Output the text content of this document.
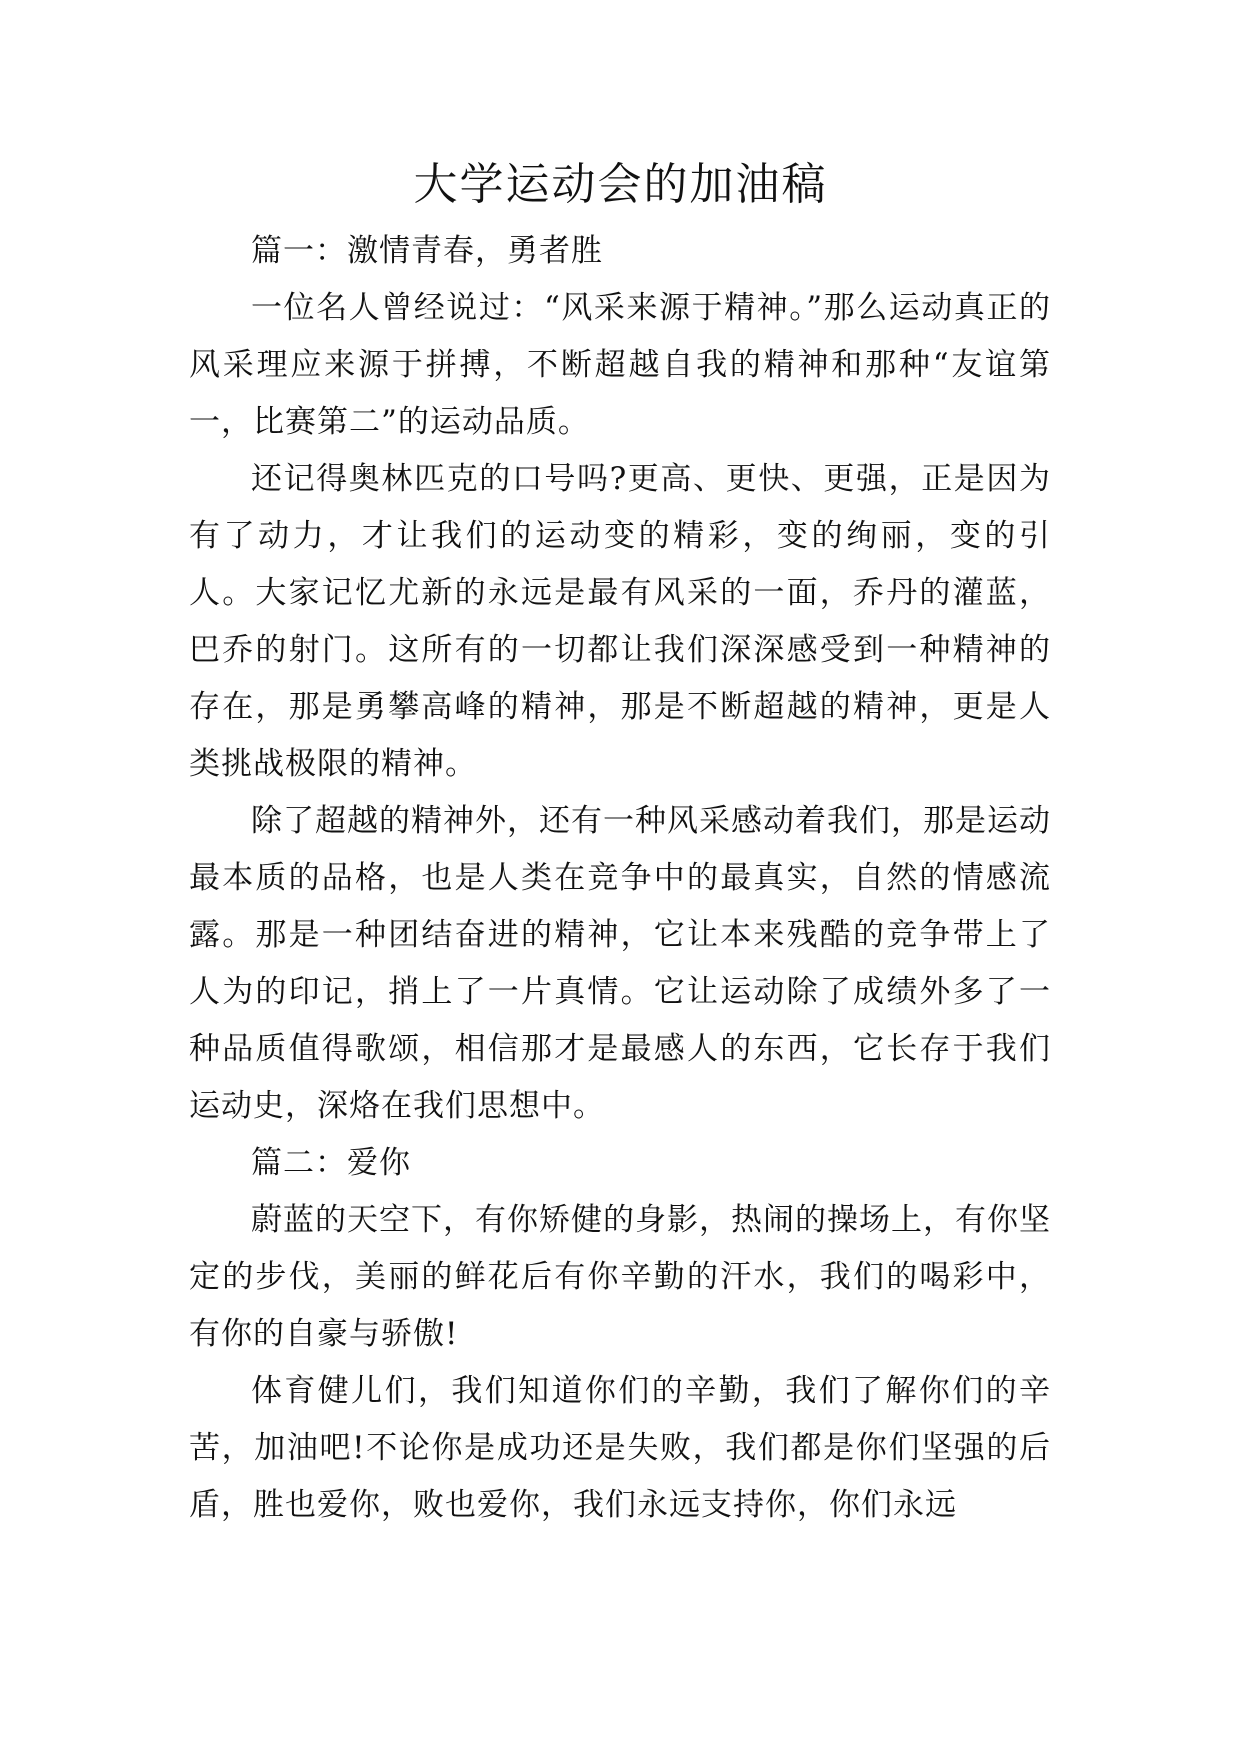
大学运动会的加油稿

篇一：激情青春，勇者胜

一位名人曾经说过：“风采来源于精神。”那么运动真正的风采理应来源于拼搏，不断超越自我的精神和那种“友谊第一，比赛第二”的运动品质。

还记得奥林匹克的口号吗?更高、更快、更强，正是因为有了动力，才让我们的运动变的精彩，变的绚丽，变的引人。大家记忆尤新的永远是最有风采的一面，乔丹的灌蓝，巴乔的射门。这所有的一切都让我们深深感受到一种精神的存在，那是勇攀高峰的精神，那是不断超越的精神，更是人类挑战极限的精神。

除了超越的精神外，还有一种风采感动着我们，那是运动最本质的品格，也是人类在竞争中的最真实，自然的情感流露。那是一种团结奋进的精神，它让本来残酷的竞争带上了人为的印记，捎上了一片真情。它让运动除了成绩外多了一种品质值得歌颂，相信那才是最感人的东西，它长存于我们运动史，深烙在我们思想中。

篇二：爱你

蔚蓝的天空下，有你矫健的身影，热闹的操场上，有你坚定的步伐，美丽的鲜花后有你辛勤的汗水，我们的喝彩中，有你的自豪与骄傲!

体育健儿们，我们知道你们的辛勤，我们了解你们的辛苦，加油吧!不论你是成功还是失败，我们都是你们坚强的后盾，胜也爱你，败也爱你，我们永远支持你，你们永远
